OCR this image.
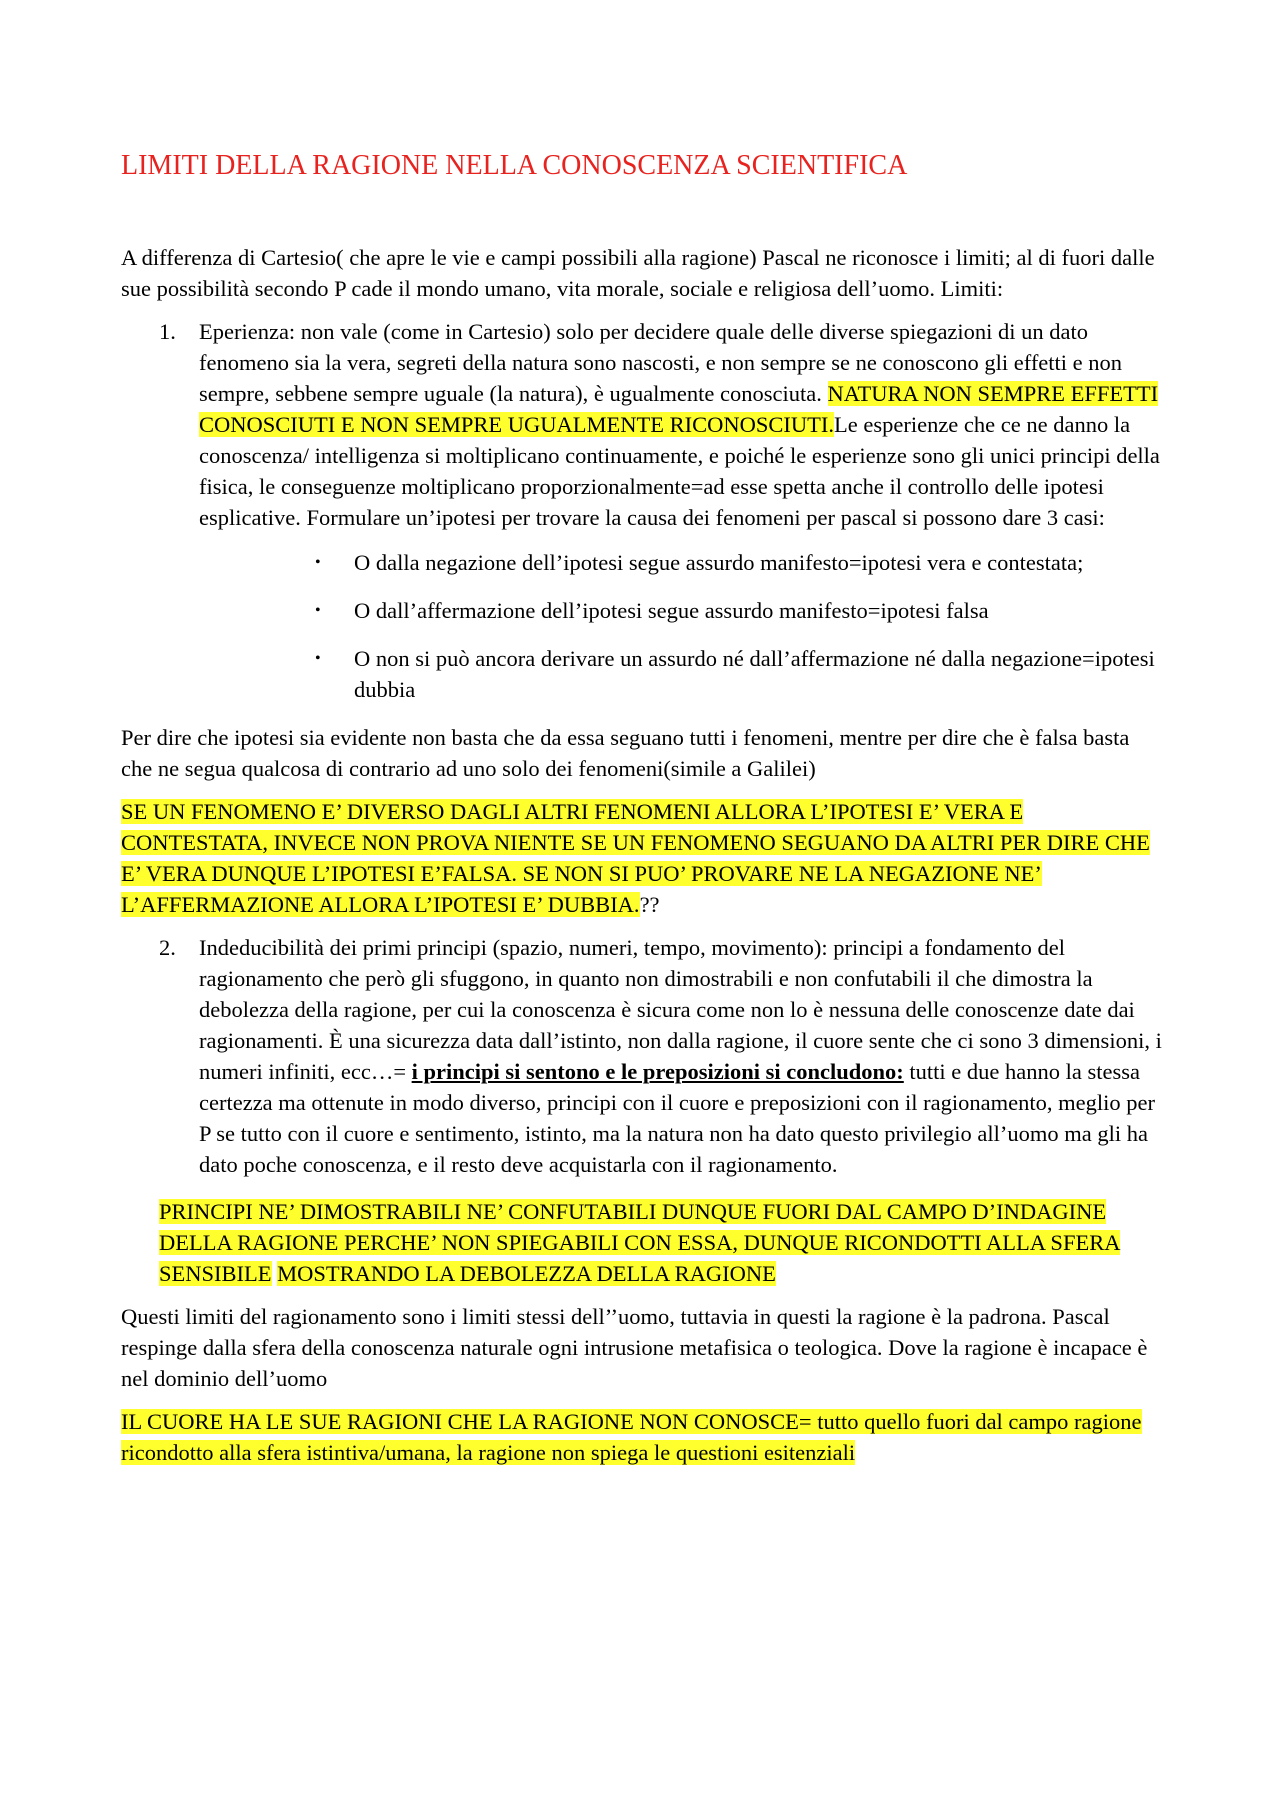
LIMITI DELLA RAGIONE NELLA CONOSCENZA SCIENTIFICA

A differenza di Cartesio( che apre le vie e campi possibili alla ragione) Pascal ne riconosce i limiti; al di fuori dalle sue possibilità secondo P cade il mondo umano, vita morale, sociale e religiosa dell’uomo. Limiti:

1. Eperienza: non vale (come in Cartesio) solo per decidere quale delle diverse spiegazioni di un dato fenomeno sia la vera, segreti della natura sono nascosti, e non sempre se ne conoscono gli effetti e non sempre, sebbene sempre uguale (la natura), è ugualmente conosciuta. NATURA NON SEMPRE EFFETTI CONOSCIUTI E NON SEMPRE UGUALMENTE RICONOSCIUTI.Le esperienze che ce ne danno la conoscenza/ intelligenza si moltiplicano continuamente, e poiché le esperienze sono gli unici principi della fisica, le conseguenze moltiplicano proporzionalmente=ad esse spetta anche il controllo delle ipotesi esplicative. Formulare un’ipotesi per trovare la causa dei fenomeni per pascal si possono dare 3 casi:
• O dalla negazione dell’ipotesi segue assurdo manifesto=ipotesi vera e contestata;
• O dall’affermazione dell’ipotesi segue assurdo manifesto=ipotesi falsa
• O non si può ancora derivare un assurdo né dall’affermazione né dalla negazione=ipotesi dubbia

Per dire che ipotesi sia evidente non basta che da essa seguano tutti i fenomeni, mentre per dire che è falsa basta che ne segua qualcosa di contrario ad uno solo dei fenomeni(simile a Galilei)

SE UN FENOMENO E’ DIVERSO DAGLI ALTRI FENOMENI ALLORA L’IPOTESI E’ VERA E CONTESTATA, INVECE NON PROVA NIENTE SE UN FENOMENO SEGUANO DA ALTRI PER DIRE CHE E’ VERA DUNQUE L’IPOTESI E’FALSA. SE NON SI PUO’ PROVARE NE LA NEGAZIONE NE’ L’AFFERMAZIONE ALLORA L’IPOTESI E’ DUBBIA.??

2. Indeducibilità dei primi principi (spazio, numeri, tempo, movimento): principi a fondamento del ragionamento che però gli sfuggono, in quanto non dimostrabili e non confutabili il che dimostra la debolezza della ragione, per cui la conoscenza è sicura come non lo è nessuna delle conoscenze date dai ragionamenti. È una sicurezza data dall’istinto, non dalla ragione, il cuore sente che ci sono 3 dimensioni, i numeri infiniti, ecc…= i principi si sentono e le preposizioni si concludono: tutti e due hanno la stessa certezza ma ottenute in modo diverso, principi con il cuore e preposizioni con il ragionamento, meglio per P se tutto con il cuore e sentimento, istinto, ma la natura non ha dato questo privilegio all’uomo ma gli ha dato poche conoscenza, e il resto deve acquistarla con il ragionamento.

PRINCIPI NE’ DIMOSTRABILI NE’ CONFUTABILI DUNQUE FUORI DAL CAMPO D’INDAGINE DELLA RAGIONE PERCHE’ NON SPIEGABILI CON ESSA, DUNQUE RICONDOTTI ALLA SFERA SENSIBILE MOSTRANDO LA DEBOLEZZA DELLA RAGIONE

Questi limiti del ragionamento sono i limiti stessi dell’’uomo, tuttavia in questi la ragione è la padrona. Pascal respinge dalla sfera della conoscenza naturale ogni intrusione metafisica o teologica. Dove la ragione è incapace è nel dominio dell’uomo

IL CUORE HA LE SUE RAGIONI CHE LA RAGIONE NON CONOSCE= tutto quello fuori dal campo ragione ricondotto alla sfera istintiva/umana, la ragione non spiega le questioni esitenziali
